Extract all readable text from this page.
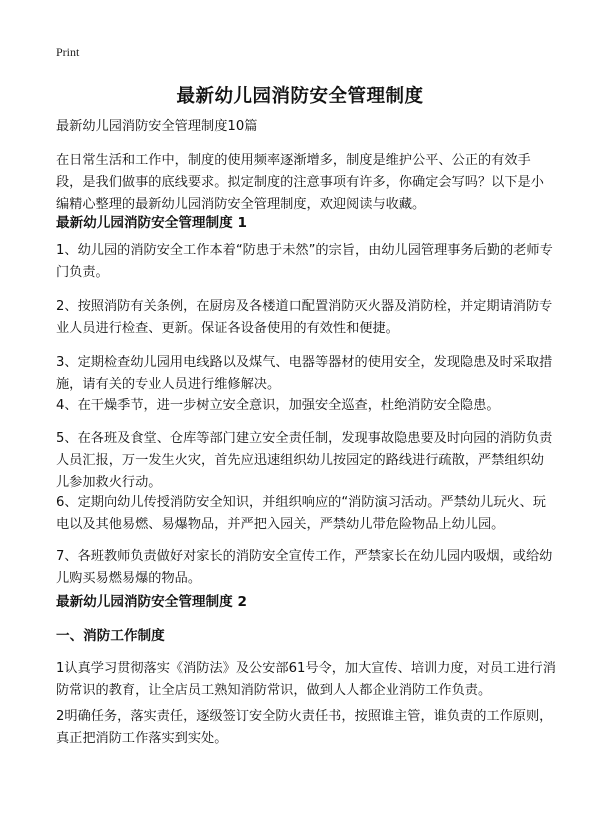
Print
最新幼儿园消防安全管理制度
最新幼儿园消防安全管理制度10篇
在日常生活和工作中，制度的使用频率逐渐增多，制度是维护公平、公正的有效手段，是我们做事的底线要求。拟定制度的注意事项有许多，你确定会写吗？以下是小编精心整理的最新幼儿园消防安全管理制度，欢迎阅读与收藏。
最新幼儿园消防安全管理制度 1
1、幼儿园的消防安全工作本着“防患于未然”的宗旨，由幼儿园管理事务后勤的老师专门负责。
2、按照消防有关条例，在厨房及各楼道口配置消防灭火器及消防栓，并定期请消防专业人员进行检查、更新。保证各设备使用的有效性和便捷。
3、定期检查幼儿园用电线路以及煤气、电器等器材的使用安全，发现隐患及时采取措施，请有关的专业人员进行维修解决。
4、在干燥季节，进一步树立安全意识，加强安全巡查，杜绝消防安全隐患。
5、在各班及食堂、仓库等部门建立安全责任制，发现事故隐患要及时向园的消防负责人员汇报，万一发生火灾，首先应迅速组织幼儿按园定的路线进行疏散，严禁组织幼儿参加救火行动。
6、定期向幼儿传授消防安全知识，并组织响应的“消防演习活动。严禁幼儿玩火、玩电以及其他易燃、易爆物品，并严把入园关，严禁幼儿带危险物品上幼儿园。
7、各班教师负责做好对家长的消防安全宣传工作，严禁家长在幼儿园内吸烟，或给幼儿购买易燃易爆的物品。
最新幼儿园消防安全管理制度 2
一、消防工作制度
1认真学习贯彻落实《消防法》及公安部61号令，加大宣传、培训力度，对员工进行消防常识的教育，让全店员工熟知消防常识，做到人人都企业消防工作负责。
2明确任务，落实责任，逐级签订安全防火责任书，按照谁主管，谁负责的工作原则，真正把消防工作落实到实处。
